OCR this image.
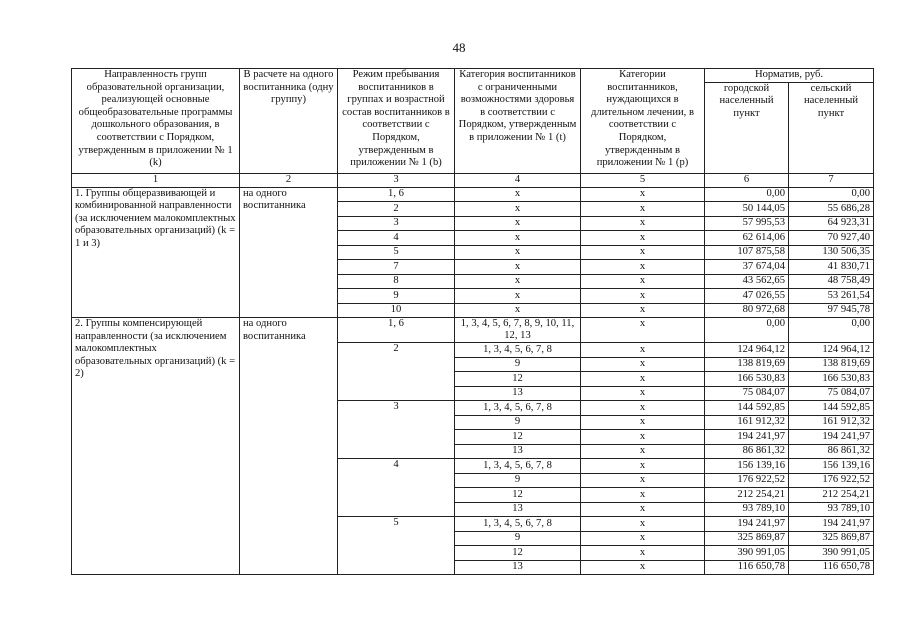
48
Направленность групп образовательной организации, реализующей основные общеобразовательные программы дошкольного образования, в соответствии с Порядком, утвержденным в приложении № 1 (k)	В расчете на одного воспитанника (одну группу)	Режим пребывания воспитанников в группах и возрастной состав воспитанников в соответствии с Порядком, утвержденным в приложении № 1 (b)	Категория воспитанников с ограниченными возможностями здоровья в соответствии с Порядком, утвержденным в приложении № 1 (t)	Категории воспитанников, нуждающихся в длительном лечении, в соответствии с Порядком, утвержденным в приложении № 1 (p)	Норматив, руб.	
					городской населенный пункт	сельский населенный пункт
1	2	3	4	5	6	7
1. Группы общеразвивающей и комбинированной направленности (за исключением малокомплектных образовательных организаций) (k = 1 и 3)	на одного воспитанника	1, 6	x	x	0,00	0,00
		2	x	x	50 144,05	55 686,28
		3	x	x	57 995,53	64 923,31
		4	x	x	62 614,06	70 927,40
		5	x	x	107 875,58	130 506,35
		7	x	x	37 674,04	41 830,71
		8	x	x	43 562,65	48 758,49
		9	x	x	47 026,55	53 261,54
		10	x	x	80 972,68	97 945,78
2. Группы компенсирующей направленности (за исключением малокомплектных образовательных организаций) (k = 2)	на одного воспитанника	1, 6	1, 3, 4, 5, 6, 7, 8, 9, 10, 11, 12, 13	x	0,00	0,00
		2	1, 3, 4, 5, 6, 7, 8	x	124 964,12	124 964,12
			9	x	138 819,69	138 819,69
			12	x	166 530,83	166 530,83
			13	x	75 084,07	75 084,07
		3	1, 3, 4, 5, 6, 7, 8	x	144 592,85	144 592,85
			9	x	161 912,32	161 912,32
			12	x	194 241,97	194 241,97
			13	x	86 861,32	86 861,32
		4	1, 3, 4, 5, 6, 7, 8	x	156 139,16	156 139,16
			9	x	176 922,52	176 922,52
			12	x	212 254,21	212 254,21
			13	x	93 789,10	93 789,10
		5	1, 3, 4, 5, 6, 7, 8	x	194 241,97	194 241,97
			9	x	325 869,87	325 869,87
			12	x	390 991,05	390 991,05
			13	x	116 650,78	116 650,78
